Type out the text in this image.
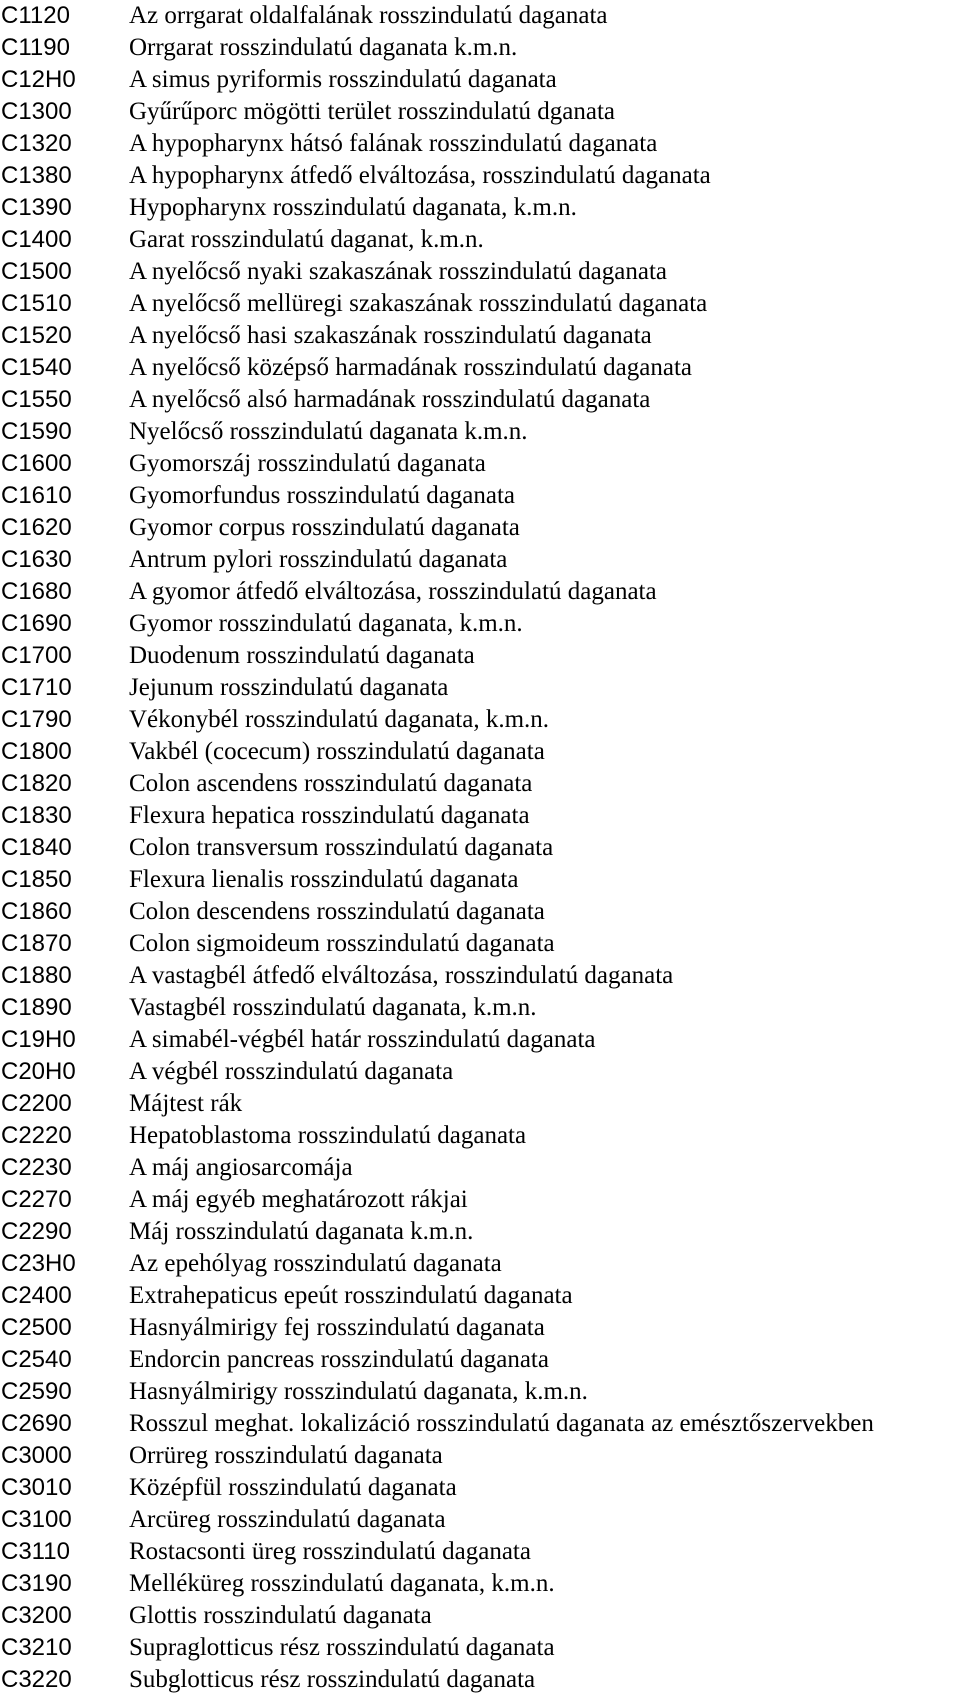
C1120 Az orrgarat oldalfalának rosszindulatú daganata
C1190 Orrgarat rosszindulatú daganata k.m.n.
C12H0 A simus pyriformis rosszindulatú daganata
C1300 Gyűrűporc mögötti terület rosszindulatú dganata
C1320 A hypopharynx hátsó falának rosszindulatú daganata
C1380 A hypopharynx átfedő elváltozása, rosszindulatú daganata
C1390 Hypopharynx rosszindulatú daganata, k.m.n.
C1400 Garat rosszindulatú daganat, k.m.n.
C1500 A nyelőcső nyaki szakaszának rosszindulatú daganata
C1510 A nyelőcső mellüregi szakaszának rosszindulatú daganata
C1520 A nyelőcső hasi szakaszának rosszindulatú daganata
C1540 A nyelőcső középső harmadának rosszindulatú daganata
C1550 A nyelőcső alsó harmadának rosszindulatú daganata
C1590 Nyelőcső rosszindulatú daganata k.m.n.
C1600 Gyomorszáj rosszindulatú daganata
C1610 Gyomorfundus rosszindulatú daganata
C1620 Gyomor corpus rosszindulatú daganata
C1630 Antrum pylori rosszindulatú daganata
C1680 A gyomor átfedő elváltozása, rosszindulatú daganata
C1690 Gyomor rosszindulatú daganata, k.m.n.
C1700 Duodenum rosszindulatú daganata
C1710 Jejunum rosszindulatú daganata
C1790 Vékonybél rosszindulatú daganata, k.m.n.
C1800 Vakbél (cocecum) rosszindulatú daganata
C1820 Colon ascendens rosszindulatú daganata
C1830 Flexura hepatica rosszindulatú daganata
C1840 Colon transversum rosszindulatú daganata
C1850 Flexura lienalis rosszindulatú daganata
C1860 Colon descendens rosszindulatú daganata
C1870 Colon sigmoideum rosszindulatú daganata
C1880 A vastagbél átfedő elváltozása, rosszindulatú daganata
C1890 Vastagbél rosszindulatú daganata, k.m.n.
C19H0 A simabél-végbél határ rosszindulatú daganata
C20H0 A végbél rosszindulatú daganata
C2200 Májtest rák
C2220 Hepatoblastoma rosszindulatú daganata
C2230 A máj angiosarcomája
C2270 A máj egyéb meghatározott rákjai
C2290 Máj rosszindulatú daganata k.m.n.
C23H0 Az epehólyag rosszindulatú daganata
C2400 Extrahepaticus epeút rosszindulatú daganata
C2500 Hasnyálmirigy fej rosszindulatú daganata
C2540 Endorcin pancreas rosszindulatú daganata
C2590 Hasnyálmirigy rosszindulatú daganata, k.m.n.
C2690 Rosszul meghat. lokalizáció rosszindulatú daganata az emésztőszervekben
C3000 Orrüreg rosszindulatú daganata
C3010 Középfül rosszindulatú daganata
C3100 Arcüreg rosszindulatú daganata
C3110 Rostacsonti üreg rosszindulatú daganata
C3190 Melléküreg rosszindulatú daganata, k.m.n.
C3200 Glottis rosszindulatú daganata
C3210 Supraglotticus rész rosszindulatú daganata
C3220 Subglotticus rész rosszindulatú daganata
